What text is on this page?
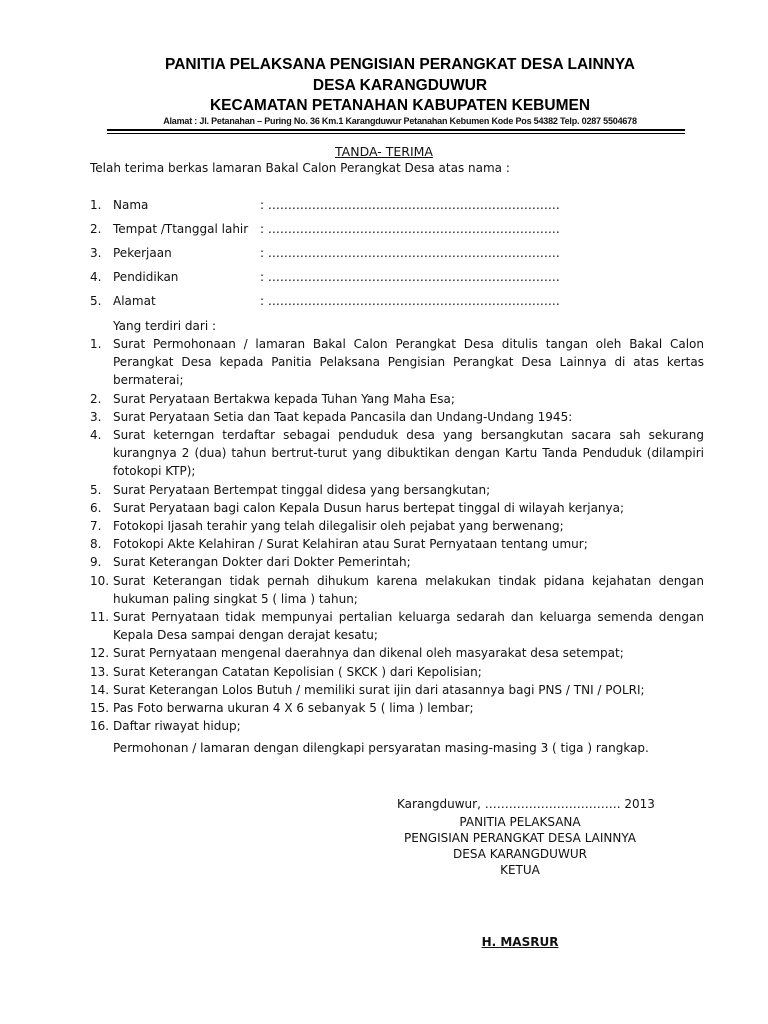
PANITIA PELAKSANA PENGISIAN PERANGKAT DESA LAINNYA
DESA KARANGDUWUR
KECAMATAN PETANAHAN KABUPATEN KEBUMEN
Alamat : Jl. Petanahan – Puring No. 36 Km.1 Karangduwur Petanahan Kebumen Kode Pos 54382 Telp. 0287 5504678
TANDA- TERIMA
Telah terima berkas lamaran Bakal Calon Perangkat Desa atas nama :
1. Nama	: ……………………………………………………………….
2. Tempat /Ttanggal lahir : ……………………………………………………………….
3. Pekerjaan	: ……………………………………………………………….
4. Pendidikan	: ……………………………………………………………….
5. Alamat	: ……………………………………………………………….
Yang terdiri dari :
1. Surat Permohonaan / lamaran Bakal Calon Perangkat Desa ditulis tangan oleh Bakal Calon Perangkat Desa kepada Panitia Pelaksana Pengisian Perangkat Desa Lainnya di atas kertas bermaterai;
2. Surat Peryataan Bertakwa kepada Tuhan Yang Maha Esa;
3. Surat Peryataan Setia dan Taat kepada Pancasila dan Undang-Undang 1945:
4. Surat keterngan terdaftar sebagai penduduk desa yang bersangkutan sacara sah sekurang kurangnya 2 (dua) tahun bertrut-turut yang dibuktikan dengan Kartu Tanda Penduduk (dilampiri fotokopi KTP);
5. Surat Peryataan Bertempat tinggal didesa yang bersangkutan;
6. Surat Peryataan bagi calon Kepala Dusun harus bertepat tinggal di wilayah kerjanya;
7. Fotokopi Ijasah terahir yang telah dilegalisir oleh pejabat yang berwenang;
8. Fotokopi Akte Kelahiran / Surat Kelahiran atau Surat Pernyataan tentang umur;
9. Surat Keterangan Dokter dari Dokter Pemerintah;
10. Surat Keterangan tidak pernah dihukum karena melakukan tindak pidana kejahatan dengan hukuman paling singkat 5 ( lima ) tahun;
11. Surat Pernyataan tidak mempunyai pertalian keluarga sedarah dan keluarga semenda dengan Kepala Desa sampai dengan derajat kesatu;
12. Surat Pernyataan mengenal daerahnya dan dikenal oleh masyarakat desa setempat;
13. Surat Keterangan Catatan Kepolisian ( SKCK ) dari Kepolisian;
14. Surat Keterangan Lolos Butuh / memiliki surat ijin dari atasannya bagi PNS / TNI / POLRI;
15. Pas Foto berwarna ukuran 4 X 6 sebanyak 5 ( lima ) lembar;
16. Daftar riwayat hidup;
Permohonan / lamaran dengan dilengkapi persyaratan masing-masing 3 ( tiga ) rangkap.
Karangduwur, ……………………………. 2013
PANITIA PELAKSANA
PENGISIAN PERANGKAT DESA LAINNYA
DESA KARANGDUWUR
KETUA
H. MASRUR
